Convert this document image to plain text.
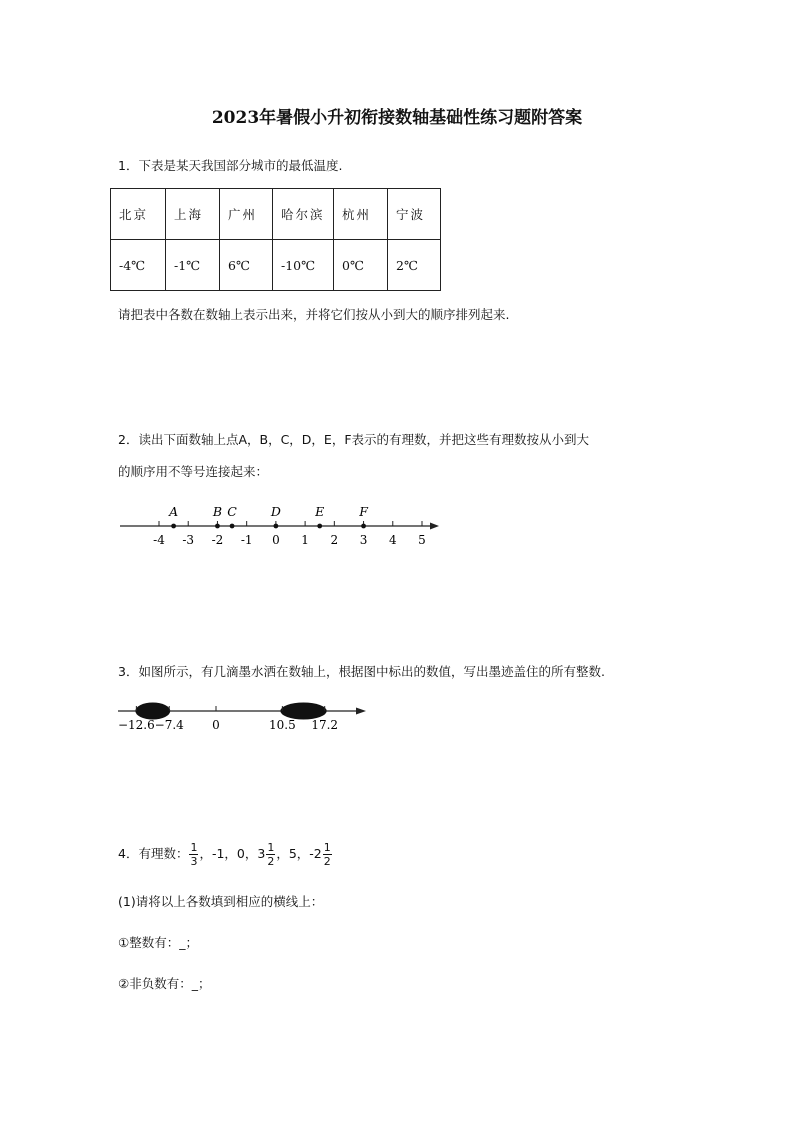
2023年暑假小升初衔接数轴基础性练习题附答案
1．下表是某天我国部分城市的最低温度.
北京	上海	广州	哈尔滨	杭州	宁波
-4℃	-1℃	6℃	-10℃	0℃	2℃
请把表中各数在数轴上表示出来，并将它们按从小到大的顺序排列起来.
2．读出下面数轴上点A，B，C，D，E，F表示的有理数，并把这些有理数按从小到大
的顺序用不等号连接起来：
-4 -3 -2 -1 0 1 2 3 4 5
A	B C	D	E	F
3．如图所示，有几滴墨水洒在数轴上，根据图中标出的数值，写出墨迹盖住的所有整数.
−12.6 −7.4 0	10.5 17.2
4．有理数： $\frac{1}{3}$ ，-1，0，$3 \frac{1}{2}$ ，5，$-2 \frac{1}{2}$
(1)请将以上各数填到相应的横线上：
①整数有：_；
②非负数有：_；
